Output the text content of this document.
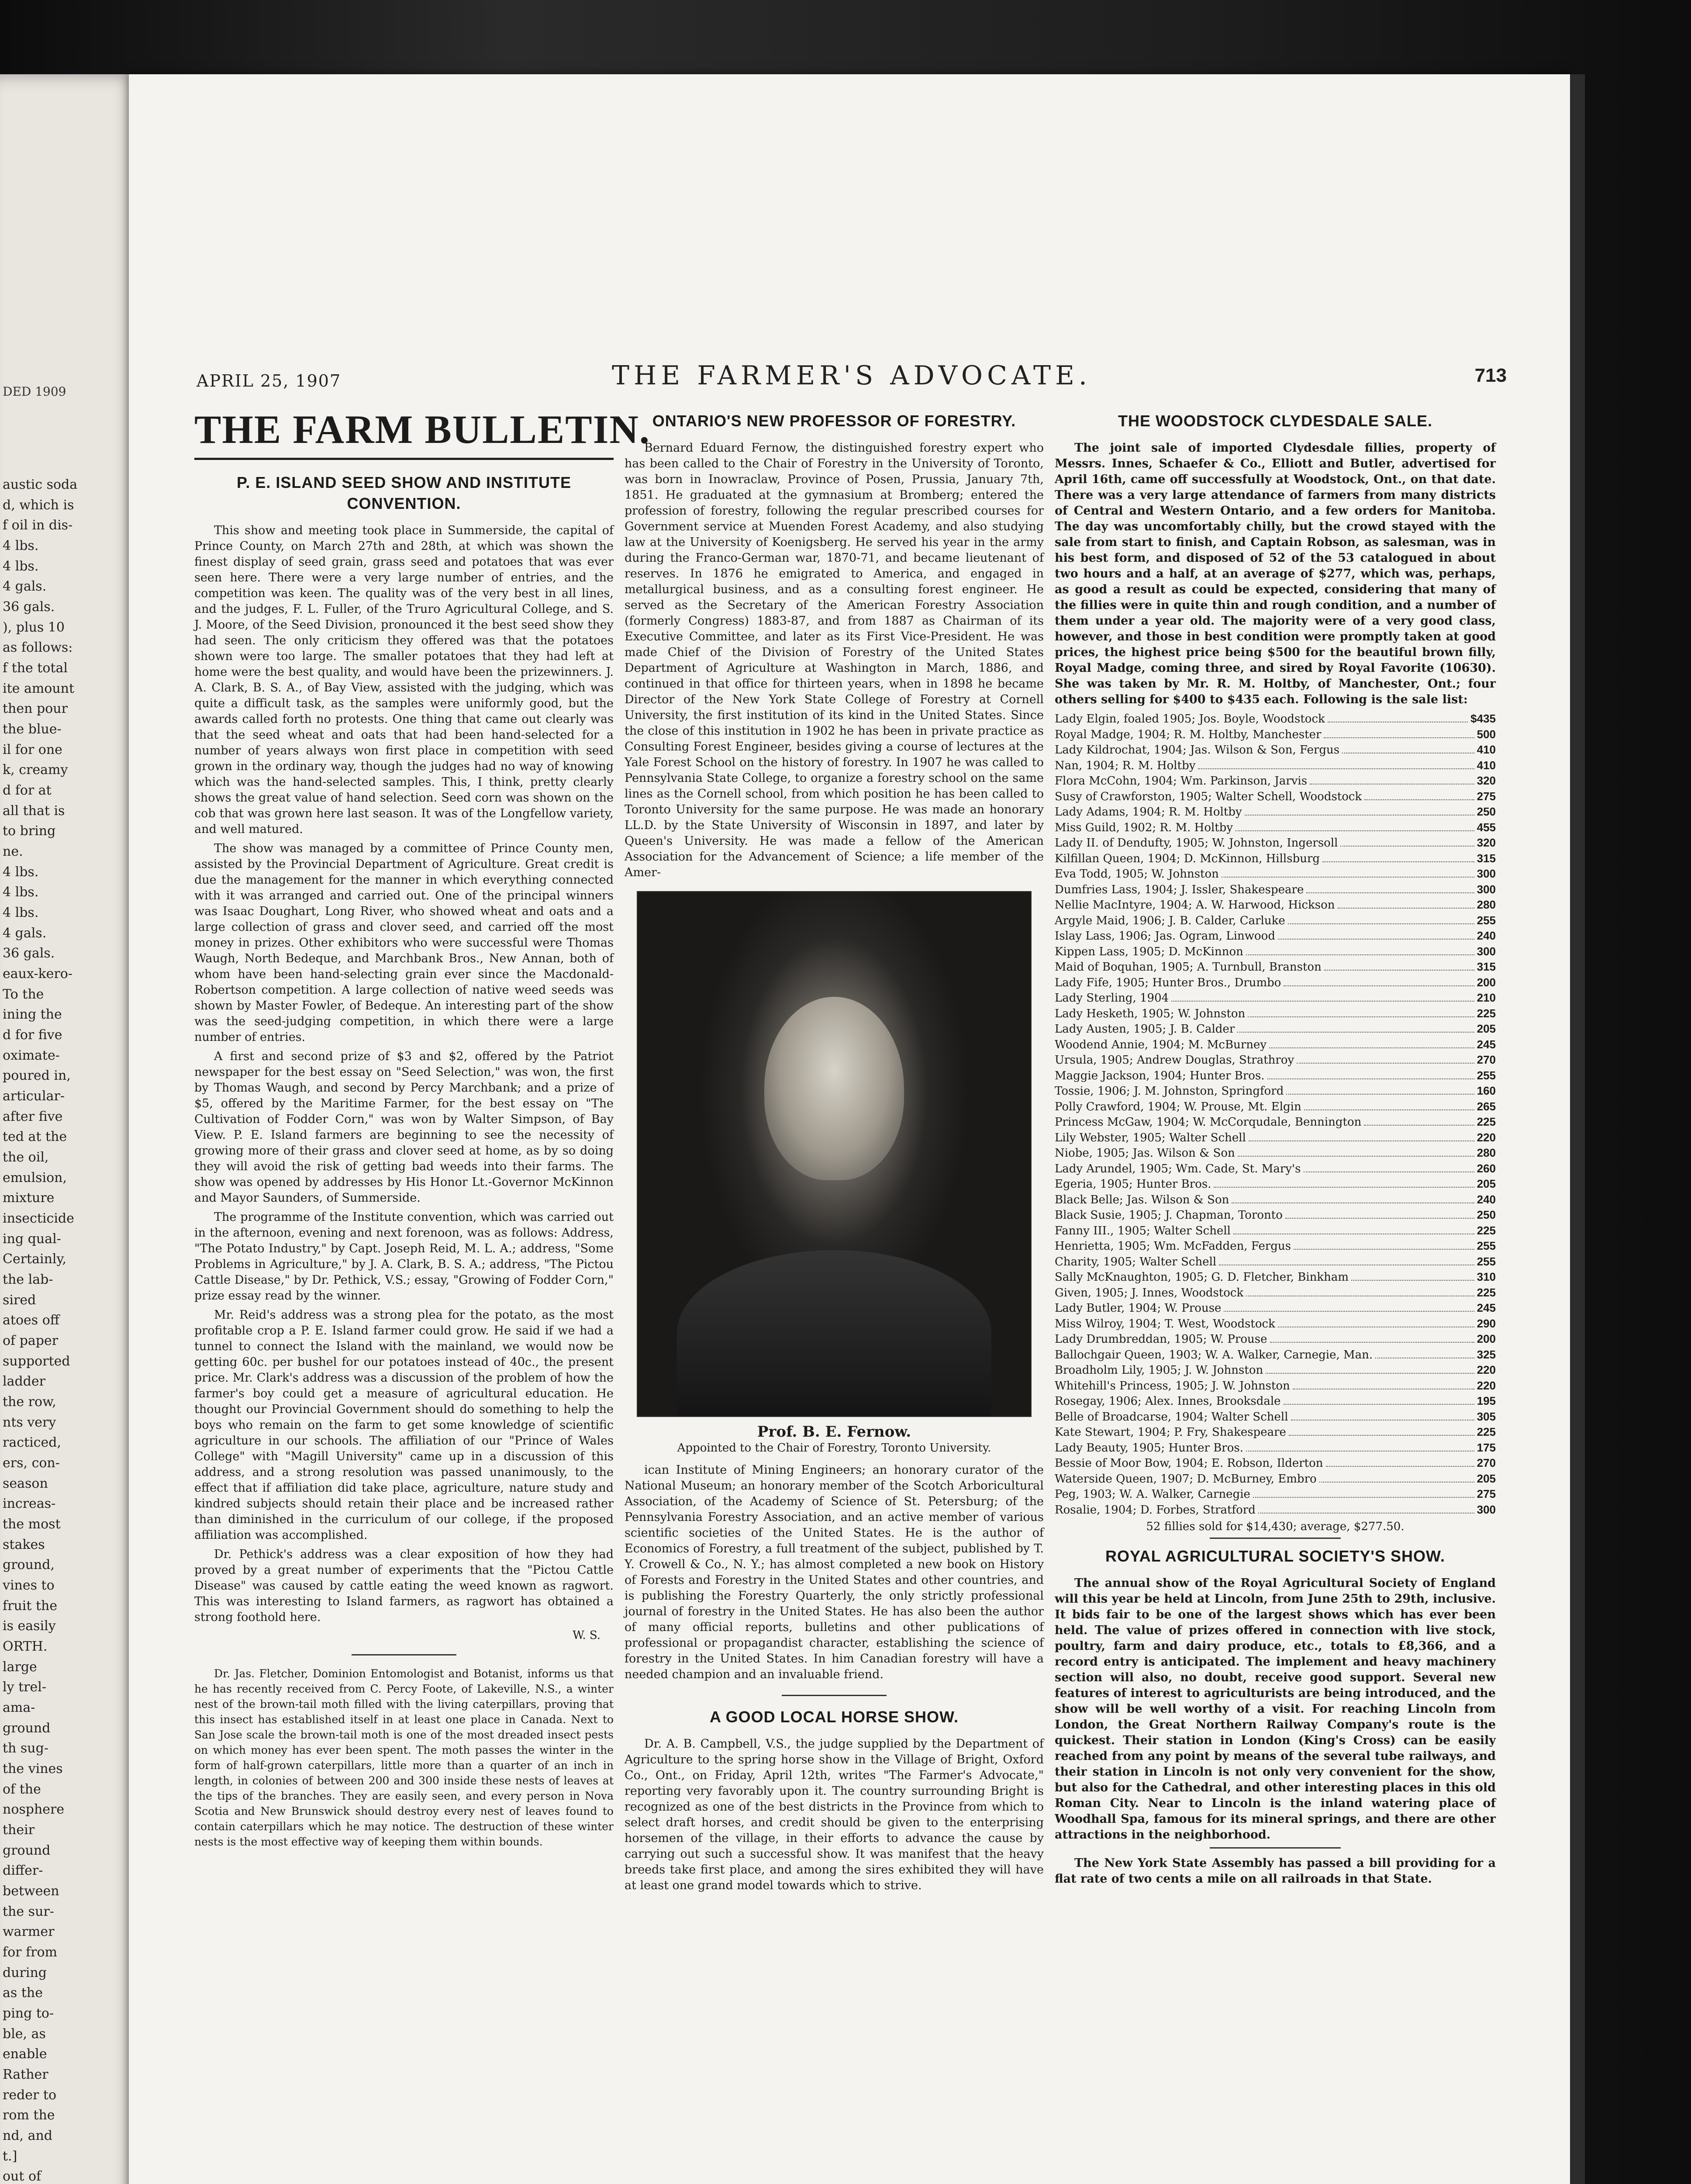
DED 1909
austic soda
d, which is
f oil in dis-
4 lbs.
4 lbs.
4 gals.
36 gals.
), plus 10
as follows:
f the total
ite amount
then pour
the blue-
il for one
k, creamy
d for at
all that is
to bring
ne.
4 lbs.
4 lbs.
4 lbs.
4 gals.
36 gals.
eaux-kero-
To the
ining the
d for five
oximate-
poured in,
articular-
after five
ted at the
the oil,
emulsion,
mixture
insecticide
ing qual-
Certainly,
the lab-
sired
atoes off
of paper
supported
ladder
the row,
nts very
racticed,
ers, con-
season
increas-
the most
stakes
ground,
vines to
fruit the
is easily
ORTH.
large
ly trel-
ama-
ground
th sug-
the vines
of the
nosphere
their
ground
differ-
between
the sur-
warmer
for from
during
as the
ping to-
ble, as
enable
Rather
reder to
rom the
nd, and
t.]
out of
APRIL 25, 1907	THE FARMER'S ADVOCATE.	713
THE FARM BULLETIN.
P. E. ISLAND SEED SHOW AND INSTITUTE CONVENTION.

This show and meeting took place in Summerside, the capital of Prince County, on March 27th and 28th, at which was shown the finest display of seed grain, grass seed and potatoes that was ever seen here. There were a very large number of entries, and the competition was keen. The quality was of the very best in all lines, and the judges, F. L. Fuller, of the Truro Agricultural College, and S. J. Moore, of the Seed Division, pronounced it the best seed show they had seen. The only criticism they offered was that the potatoes shown were too large. The smaller potatoes that they had left at home were the best quality, and would have been the prizewinners. J. A. Clark, B. S. A., of Bay View, assisted with the judging, which was quite a difficult task, as the samples were uniformly good, but the awards called forth no protests. One thing that came out clearly was that the seed wheat and oats that had been hand-selected for a number of years always won first place in competition with seed grown in the ordinary way, though the judges had no way of knowing which was the hand-selected samples. This, I think, pretty clearly shows the great value of hand selection. Seed corn was shown on the cob that was grown here last season. It was of the Longfellow variety, and well matured.

The show was managed by a committee of Prince County men, assisted by the Provincial Department of Agriculture. Great credit is due the management for the manner in which everything connected with it was arranged and carried out. One of the principal winners was Isaac Doughart, Long River, who showed wheat and oats and a large collection of grass and clover seed, and carried off the most money in prizes. Other exhibitors who were successful were Thomas Waugh, North Bedeque, and Marchbank Bros., New Annan, both of whom have been hand-selecting grain ever since the Macdonald-Robertson competition. A large collection of native weed seeds was shown by Master Fowler, of Bedeque. An interesting part of the show was the seed-judging competition, in which there were a large number of entries.

A first and second prize of $3 and $2, offered by the Patriot newspaper for the best essay on "Seed Selection," was won, the first by Thomas Waugh, and second by Percy Marchbank; and a prize of $5, offered by the Maritime Farmer, for the best essay on "The Cultivation of Fodder Corn," was won by Walter Simpson, of Bay View. P. E. Island farmers are beginning to see the necessity of growing more of their grass and clover seed at home, as by so doing they will avoid the risk of getting bad weeds into their farms. The show was opened by addresses by His Honor Lt.-Governor McKinnon and Mayor Saunders, of Summerside.

The programme of the Institute convention, which was carried out in the afternoon, evening and next forenoon, was as follows: Address, "The Potato Industry," by Capt. Joseph Reid, M. L. A.; address, "Some Problems in Agriculture," by J. A. Clark, B. S. A.; address, "The Pictou Cattle Disease," by Dr. Pethick, V.S.; essay, "Growing of Fodder Corn," prize essay read by the winner.

Mr. Reid's address was a strong plea for the potato, as the most profitable crop a P. E. Island farmer could grow. He said if we had a tunnel to connect the Island with the mainland, we would now be getting 60c. per bushel for our potatoes instead of 40c., the present price. Mr. Clark's address was a discussion of the problem of how the farmer's boy could get a measure of agricultural education. He thought our Provincial Government should do something to help the boys who remain on the farm to get some knowledge of scientific agriculture in our schools. The affiliation of our "Prince of Wales College" with "Magill University" came up in a discussion of this address, and a strong resolution was passed unanimously, to the effect that if affiliation did take place, agriculture, nature study and kindred subjects should retain their place and be increased rather than diminished in the curriculum of our college, if the proposed affiliation was accomplished.

Dr. Pethick's address was a clear exposition of how they had proved by a great number of experiments that the "Pictou Cattle Disease" was caused by cattle eating the weed known as ragwort. This was interesting to Island farmers, as ragwort has obtained a strong foothold here.

W. S.

Dr. Jas. Fletcher, Dominion Entomologist and Botanist, informs us that he has recently received from C. Percy Foote, of Lakeville, N.S., a winter nest of the brown-tail moth filled with the living caterpillars, proving that this insect has established itself in at least one place in Canada. Next to San Jose scale the brown-tail moth is one of the most dreaded insect pests on which money has ever been spent. The moth passes the winter in the form of half-grown caterpillars, little more than a quarter of an inch in length, in colonies of between 200 and 300 inside these nests of leaves at the tips of the branches. They are easily seen, and every person in Nova Scotia and New Brunswick should destroy every nest of leaves found to contain caterpillars which he may notice. The destruction of these winter nests is the most effective way of keeping them within bounds.

ONTARIO'S NEW PROFESSOR OF FORESTRY.

Bernard Eduard Fernow, the distinguished forestry expert who has been called to the Chair of Forestry in the University of Toronto, was born in Inowraclaw, Province of Posen, Prussia, January 7th, 1851. He graduated at the gymnasium at Bromberg; entered the profession of forestry, following the regular prescribed courses for Government service at Muenden Forest Academy, and also studying law at the University of Koenigsberg. He served his year in the army during the Franco-German war, 1870-71, and became lieutenant of reserves. In 1876 he emigrated to America, and engaged in metallurgical business, and as a consulting forest engineer. He served as the Secretary of the American Forestry Association (formerly Congress) 1883-87, and from 1887 as Chairman of its Executive Committee, and later as its First Vice-President. He was made Chief of the Division of Forestry of the United States Department of Agriculture at Washington in March, 1886, and continued in that office for thirteen years, when in 1898 he became Director of the New York State College of Forestry at Cornell University, the first institution of its kind in the United States. Since the close of this institution in 1902 he has been in private practice as Consulting Forest Engineer, besides giving a course of lectures at the Yale Forest School on the history of forestry. In 1907 he was called to Pennsylvania State College, to organize a forestry school on the same lines as the Cornell school, from which position he has been called to Toronto University for the same purpose. He was made an honorary LL.D. by the State University of Wisconsin in 1897, and later by Queen's University. He was made a fellow of the American Association for the Advancement of Science; a life member of the Amer-

Prof. B. E. Fernow.
Appointed to the Chair of Forestry, Toronto University.

ican Institute of Mining Engineers; an honorary curator of the National Museum; an honorary member of the Scotch Arboricultural Association, of the Academy of Science of St. Petersburg; of the Pennsylvania Forestry Association, and an active member of various scientific societies of the United States. He is the author of Economics of Forestry, a full treatment of the subject, published by T. Y. Crowell & Co., N. Y.; has almost completed a new book on History of Forests and Forestry in the United States and other countries, and is publishing the Forestry Quarterly, the only strictly professional journal of forestry in the United States. He has also been the author of many official reports, bulletins and other publications of professional or propagandist character, establishing the science of forestry in the United States. In him Canadian forestry will have a needed champion and an invaluable friend.

A GOOD LOCAL HORSE SHOW.

Dr. A. B. Campbell, V.S., the judge supplied by the Department of Agriculture to the spring horse show in the Village of Bright, Oxford Co., Ont., on Friday, April 12th, writes "The Farmer's Advocate," reporting very favorably upon it. The country surrounding Bright is recognized as one of the best districts in the Province from which to select draft horses, and credit should be given to the enterprising horsemen of the village, in their efforts to advance the cause by carrying out such a successful show. It was manifest that the heavy breeds take first place, and among the sires exhibited they will have at least one grand model towards which to strive.

THE WOODSTOCK CLYDESDALE SALE.

The joint sale of imported Clydesdale fillies, property of Messrs. Innes, Schaefer & Co., Elliott and Butler, advertised for April 16th, came off successfully at Woodstock, Ont., on that date. There was a very large attendance of farmers from many districts of Central and Western Ontario, and a few orders for Manitoba. The day was uncomfortably chilly, but the crowd stayed with the sale from start to finish, and Captain Robson, as salesman, was in his best form, and disposed of 52 of the 53 catalogued in about two hours and a half, at an average of $277, which was, perhaps, as good a result as could be expected, considering that many of the fillies were in quite thin and rough condition, and a number of them under a year old. The majority were of a very good class, however, and those in best condition were promptly taken at good prices, the highest price being $500 for the beautiful brown filly, Royal Madge, coming three, and sired by Royal Favorite (10630). She was taken by Mr. R. M. Holtby, of Manchester, Ont.; four others selling for $400 to $435 each. Following is the sale list:

Lady Elgin, foaled 1905; Jos. Boyle, Woodstock	$435
Royal Madge, 1904; R. M. Holtby, Manchester	500
Lady Kildrochat, 1904; Jas. Wilson & Son, Fergus	410
Nan, 1904; R. M. Holtby	410
Flora McCohn, 1904; Wm. Parkinson, Jarvis	320
Susy of Crawforston, 1905; Walter Schell, Woodstock	275
Lady Adams, 1904; R. M. Holtby	250
Miss Guild, 1902; R. M. Holtby	455
Lady II. of Dendufty, 1905; W. Johnston, Ingersoll	320
Kilfillan Queen, 1904; D. McKinnon, Hillsburg	315
Eva Todd, 1905; W. Johnston	300
Dumfries Lass, 1904; J. Issler, Shakespeare	300
Nellie MacIntyre, 1904; A. W. Harwood, Hickson	280
Argyle Maid, 1906; J. B. Calder, Carluke	255
Islay Lass, 1906; Jas. Ogram, Linwood	240
Kippen Lass, 1905; D. McKinnon	300
Maid of Boquhan, 1905; A. Turnbull, Branston	315
Lady Fife, 1905; Hunter Bros., Drumbo	200
Lady Sterling, 1904	210
Lady Hesketh, 1905; W. Johnston	225
Lady Austen, 1905; J. B. Calder	205
Woodend Annie, 1904; M. McBurney	245
Ursula, 1905; Andrew Douglas, Strathroy	270
Maggie Jackson, 1904; Hunter Bros.	255
Tossie, 1906; J. M. Johnston, Springford	160
Polly Crawford, 1904; W. Prouse, Mt. Elgin	265
Princess McGaw, 1904; W. McCorqudale, Bennington	225
Lily Webster, 1905; Walter Schell	220
Niobe, 1905; Jas. Wilson & Son	280
Lady Arundel, 1905; Wm. Cade, St. Mary's	260
Egeria, 1905; Hunter Bros.	205
Black Belle; Jas. Wilson & Son	240
Black Susie, 1905; J. Chapman, Toronto	250
Fanny III., 1905; Walter Schell	225
Henrietta, 1905; Wm. McFadden, Fergus	255
Charity, 1905; Walter Schell	255
Sally McKnaughton, 1905; G. D. Fletcher, Binkham	310
Given, 1905; J. Innes, Woodstock	225
Lady Butler, 1904; W. Prouse	245
Miss Wilroy, 1904; T. West, Woodstock	290
Lady Drumbreddan, 1905; W. Prouse	200
Ballochgair Queen, 1903; W. A. Walker, Carnegie, Man.	325
Broadholm Lily, 1905; J. W. Johnston	220
Whitehill's Princess, 1905; J. W. Johnston	220
Rosegay, 1906; Alex. Innes, Brooksdale	195
Belle of Broadcarse, 1904; Walter Schell	305
Kate Stewart, 1904; P. Fry, Shakespeare	225
Lady Beauty, 1905; Hunter Bros.	175
Bessie of Moor Bow, 1904; E. Robson, Ilderton	270
Waterside Queen, 1907; D. McBurney, Embro	205
Peg, 1903; W. A. Walker, Carnegie	275
Rosalie, 1904; D. Forbes, Stratford	300
52 fillies sold for $14,430; average, $277.50.
ROYAL AGRICULTURAL SOCIETY'S SHOW.

The annual show of the Royal Agricultural Society of England will this year be held at Lincoln, from June 25th to 29th, inclusive. It bids fair to be one of the largest shows which has ever been held. The value of prizes offered in connection with live stock, poultry, farm and dairy produce, etc., totals to £8,366, and a record entry is anticipated. The implement and heavy machinery section will also, no doubt, receive good support. Several new features of interest to agriculturists are being introduced, and the show will be well worthy of a visit. For reaching Lincoln from London, the Great Northern Railway Company's route is the quickest. Their station in London (King's Cross) can be easily reached from any point by means of the several tube railways, and their station in Lincoln is not only very convenient for the show, but also for the Cathedral, and other interesting places in this old Roman City. Near to Lincoln is the inland watering place of Woodhall Spa, famous for its mineral springs, and there are other attractions in the neighborhood.

The New York State Assembly has passed a bill providing for a flat rate of two cents a mile on all railroads in that State.
